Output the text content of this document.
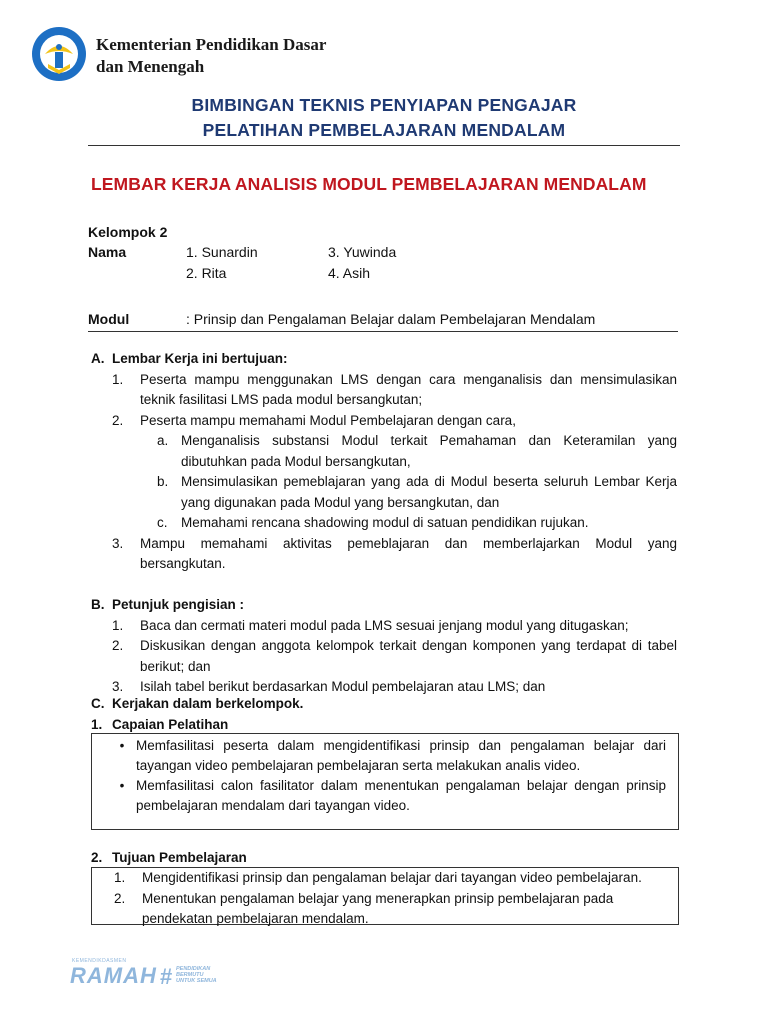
Kementerian Pendidikan Dasar
dan Menengah
BIMBINGAN TEKNIS PENYIAPAN PENGAJAR
PELATIHAN PEMBELAJARAN MENDALAM
LEMBAR KERJA ANALISIS MODUL PEMBELAJARAN MENDALAM
Kelompok 2
Nama	1. Sunardin	3. Yuwinda
2. Rita	4. Asih
Modul	: Prinsip dan Pengalaman Belajar dalam Pembelajaran Mendalam
A. Lembar Kerja ini bertujuan:
1.	Peserta mampu menggunakan LMS dengan cara menganalisis dan mensimulasikan teknik fasilitasi LMS pada modul bersangkutan;
2.	Peserta mampu memahami Modul Pembelajaran dengan cara,
a. Menganalisis substansi Modul terkait Pemahaman dan Keteramilan yang dibutuhkan pada Modul bersangkutan,
b. Mensimulasikan pemeblajaran yang ada di Modul beserta seluruh Lembar Kerja yang digunakan pada Modul yang bersangkutan, dan
c. Memahami rencana shadowing modul di satuan pendidikan rujukan.
3.	Mampu memahami aktivitas pemeblajaran dan memberlajarkan Modul yang bersangkutan.
B. Petunjuk pengisian :
1.	Baca dan cermati materi modul pada LMS sesuai jenjang modul yang ditugaskan;
2.	Diskusikan dengan anggota kelompok terkait dengan komponen yang terdapat di tabel berikut; dan
3.	Isilah tabel berikut berdasarkan Modul pembelajaran atau LMS; dan
C. Kerjakan dalam berkelompok.
1. Capaian Pelatihan
• Memfasilitasi peserta dalam mengidentifikasi prinsip dan pengalaman belajar dari tayangan video pembelajaran pembelajaran serta melakukan analis video.
• Memfasilitasi calon fasilitator dalam menentukan pengalaman belajar dengan prinsip pembelajaran mendalam dari tayangan video.
2. Tujuan Pembelajaran
1.	Mengidentifikasi prinsip dan pengalaman belajar dari tayangan video pembelajaran.
2.	Menentukan pengalaman belajar yang menerapkan prinsip pembelajaran pada pendekatan pembelajaran mendalam.
KEMENDIKDASMEN
RAMAH # PENDIDIKAN
BERMUTU
UNTUK SEMUA
